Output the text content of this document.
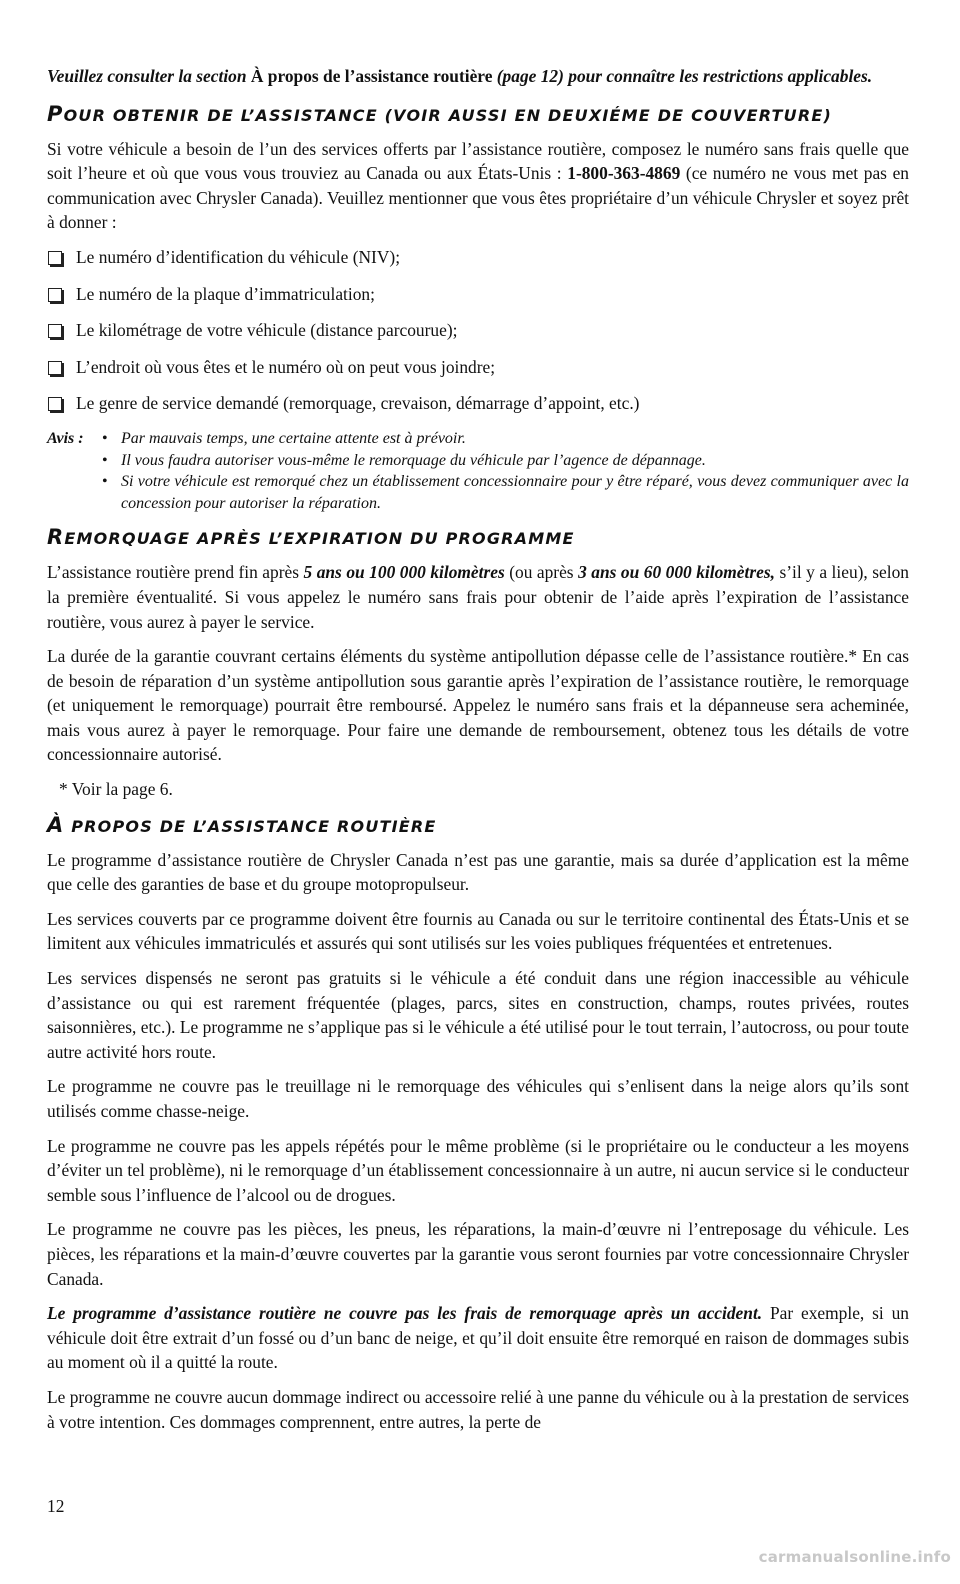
Veuillez consulter la section À propos de l’assistance routière (page 12) pour connaître les restrictions applicables.

POUR OBTENIR DE L’ASSISTANCE (VOIR AUSSI EN DEUXIÉME DE COUVERTURE)

Si votre véhicule a besoin de l’un des services offerts par l’assistance routière, composez le numéro sans frais quelle que soit l’heure et où que vous vous trouviez au Canada ou aux États-Unis : 1-800-363-4869 (ce numéro ne vous met pas en communication avec Chrysler Canada). Veuillez mentionner que vous êtes propriétaire d’un véhicule Chrysler et soyez prêt à donner :

Le numéro d’identification du véhicule (NIV);
Le numéro de la plaque d’immatriculation;
Le kilométrage de votre véhicule (distance parcourue);
L’endroit où vous êtes et le numéro où on peut vous joindre;
Le genre de service demandé (remorquage, crevaison, démarrage d’appoint, etc.)
Avis :	• Par mauvais temps, une certaine attente est à prévoir.
• Il vous faudra autoriser vous-même le remorquage du véhicule par l’agence de dépannage.
• Si votre véhicule est remorqué chez un établissement concessionnaire pour y être réparé, vous devez communiquer avec la concession pour autoriser la réparation.
REMORQUAGE APRÈS L’EXPIRATION DU PROGRAMME

L’assistance routière prend fin après 5 ans ou 100 000 kilomètres (ou après 3 ans ou 60 000 kilomètres, s’il y a lieu), selon la première éventualité. Si vous appelez le numéro sans frais pour obtenir de l’aide après l’expiration de l’assistance routière, vous aurez à payer le service.

La durée de la garantie couvrant certains éléments du système antipollution dépasse celle de l’assistance routière.* En cas de besoin de réparation d’un système antipollution sous garantie après l’expiration de l’assistance routière, le remorquage (et uniquement le remorquage) pourrait être remboursé. Appelez le numéro sans frais et la dépanneuse sera acheminée, mais vous aurez à payer le remorquage. Pour faire une demande de remboursement, obtenez tous les détails de votre concessionnaire autorisé.

* Voir la page 6.

À PROPOS DE L’ASSISTANCE ROUTIÈRE

Le programme d’assistance routière de Chrysler Canada n’est pas une garantie, mais sa durée d’application est la même que celle des garanties de base et du groupe motopropulseur.

Les services couverts par ce programme doivent être fournis au Canada ou sur le territoire continental des États-Unis et se limitent aux véhicules immatriculés et assurés qui sont utilisés sur les voies publiques fréquentées et entretenues.

Les services dispensés ne seront pas gratuits si le véhicule a été conduit dans une région inaccessible au véhicule d’assistance ou qui est rarement fréquentée (plages, parcs, sites en construction, champs, routes privées, routes saisonnières, etc.). Le programme ne s’applique pas si le véhicule a été utilisé pour le tout terrain, l’autocross, ou pour toute autre activité hors route.

Le programme ne couvre pas le treuillage ni le remorquage des véhicules qui s’enlisent dans la neige alors qu’ils sont utilisés comme chasse-neige.

Le programme ne couvre pas les appels répétés pour le même problème (si le propriétaire ou le conducteur a les moyens d’éviter un tel problème), ni le remorquage d’un établissement concessionnaire à un autre, ni aucun service si le conducteur semble sous l’influence de l’alcool ou de drogues.

Le programme ne couvre pas les pièces, les pneus, les réparations, la main-d’œuvre ni l’entreposage du véhicule. Les pièces, les réparations et la main-d’œuvre couvertes par la garantie vous seront fournies par votre concessionnaire Chrysler Canada.

Le programme d’assistance routière ne couvre pas les frais de remorquage après un accident. Par exemple, si un véhicule doit être extrait d’un fossé ou d’un banc de neige, et qu’il doit ensuite être remorqué en raison de dommages subis au moment où il a quitté la route.

Le programme ne couvre aucun dommage indirect ou accessoire relié à une panne du véhicule ou à la prestation de services à votre intention. Ces dommages comprennent, entre autres, la perte de

12
carmanualsonline.info
